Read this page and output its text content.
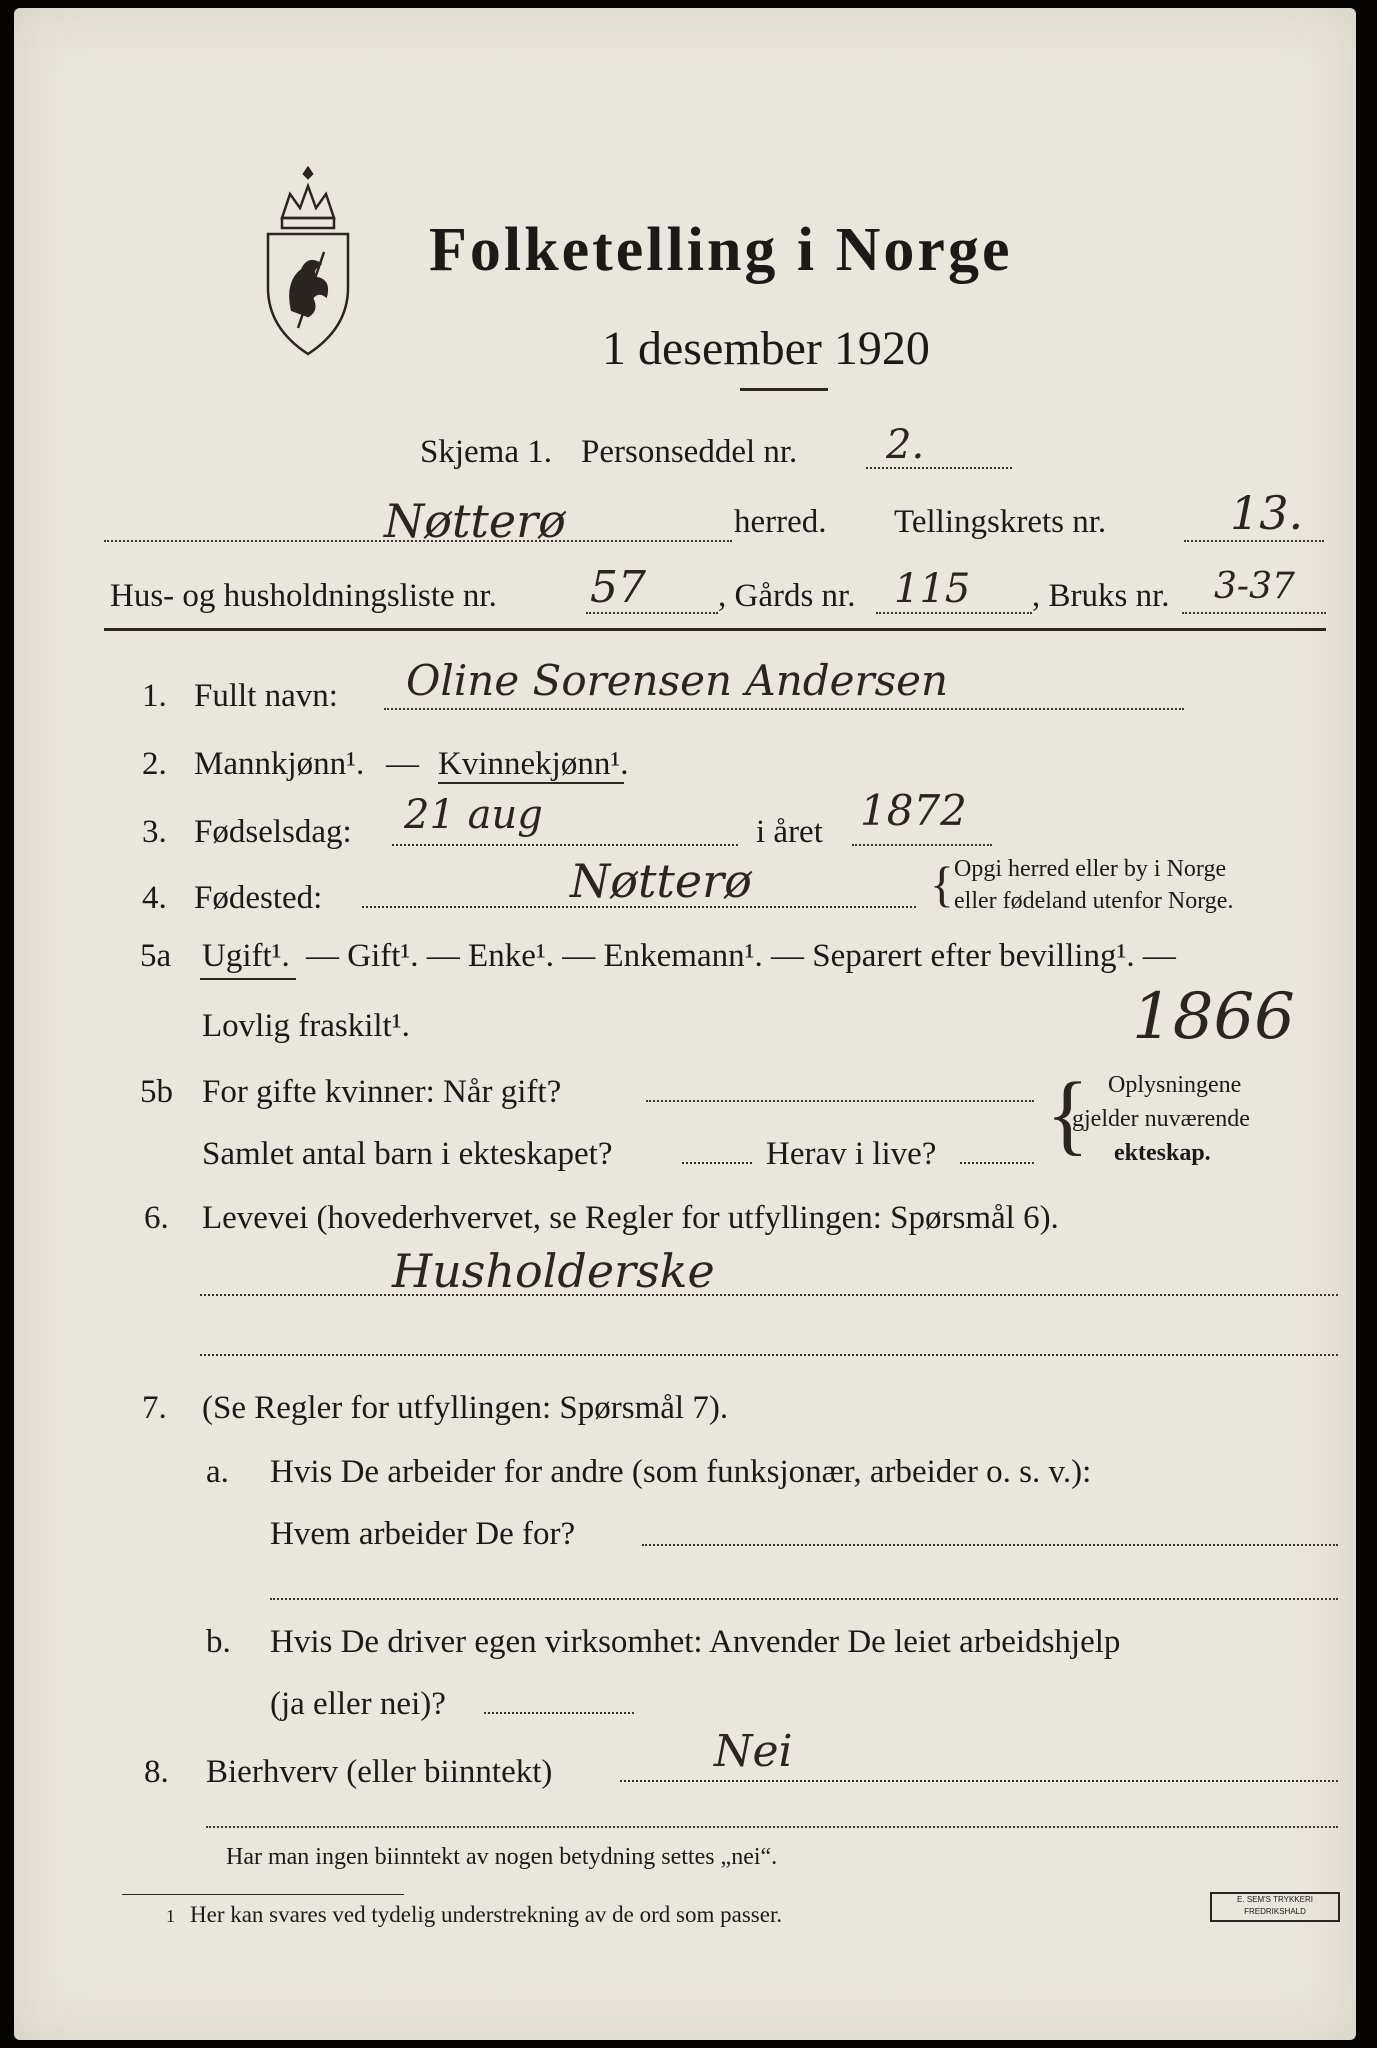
Folketelling i Norge
1 desember 1920
Skjema 1. Personseddel nr. 2.
Nøtterø	herred. Tellingskrets nr.	13.
Hus- og husholdningsliste nr. 57 , Gårds nr. 115 , Bruks nr. 3-37
1. Fullt navn: Oline Sorensen Andersen
2. Mannkjønn¹. — Kvinnekjønn¹.
3. Fødselsdag: 21 aug	i året 1872
4. Fødested:	Nøtterø	{ Opgi herred eller by i Norge
eller fødeland utenfor Norge.
5a Ugift¹. — Gift¹. — Enke¹. — Enkemann¹. — Separert efter bevilling¹. —
Lovlig fraskilt¹.	1866
5b For gifte kvinner: Når gift?
Samlet antal barn i ekteskapet?	Herav i live? { Oplysningene
gjelder nuværende
ekteskap.
6. Levevei (hovederhvervet, se Regler for utfyllingen: Spørsmål 6).
Husholderske
7. (Se Regler for utfyllingen: Spørsmål 7).
a. Hvis De arbeider for andre (som funksjonær, arbeider o. s. v.):
Hvem arbeider De for?
b. Hvis De driver egen virksomhet: Anvender De leiet arbeidshjelp
(ja eller nei)?
8. Bierhverv (eller biinntekt)	Nei
Har man ingen biinntekt av nogen betydning settes „nei“.
1 Her kan svares ved tydelig understrekning av de ord som passer.
E. SEM'S TRYKKERI FREDRIKSHALD
